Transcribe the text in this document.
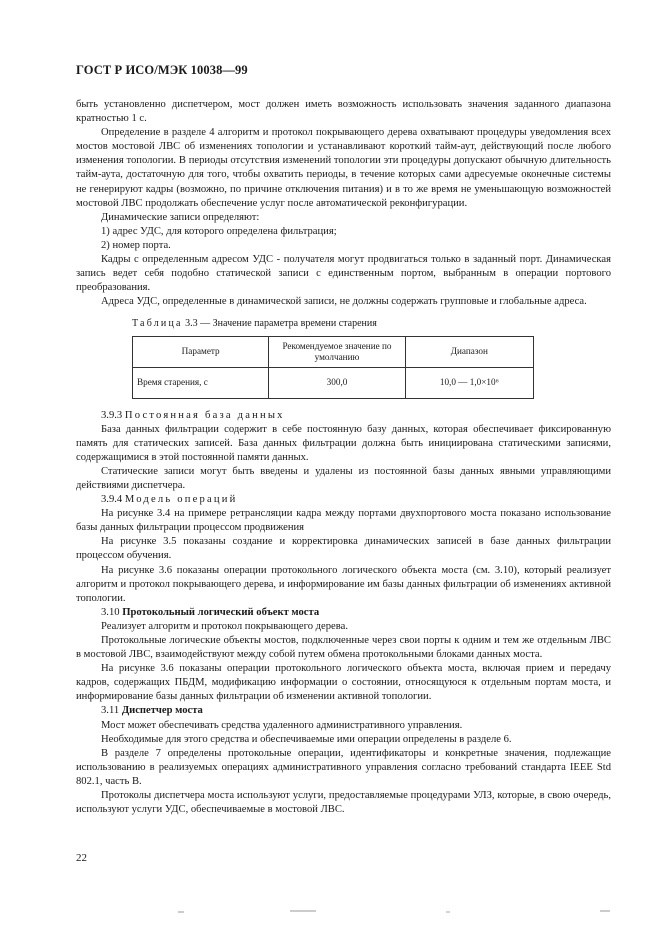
ГОСТ Р ИСО/МЭК 10038—99

быть установленно диспетчером, мост должен иметь возможность использовать значения заданного диапазона кратностью 1 с.

Определение в разделе 4 алгоритм и протокол покрывающего дерева охватывают процедуры уведомления всех мостов мостовой ЛВС об изменениях топологии и устанавливают короткий тайм-аут, действующий после любого изменения топологии. В периоды отсутствия изменений топологии эти процедуры допускают обычную длительность тайм-аута, достаточную для того, чтобы охватить периоды, в течение которых сами адресуемые оконечные системы не генерируют кадры (возможно, по причине отключения питания) и в то же время не уменьшающую возможностей мостовой ЛВС продолжать обеспечение услуг после автоматической реконфигурации.

Динамические записи определяют:

1) адрес УДС, для которого определена фильтрация;

2) номер порта.

Кадры с определенным адресом УДС - получателя могут продвигаться только в заданный порт. Динамическая запись ведет себя подобно статической записи с единственным портом, выбранным в операции портового преобразования.

Адреса УДС, определенные в динамической записи, не должны содержать групповые и глобальные адреса.

Таблица 3.3 — Значение параметра времени старения
Параметр	Рекомендуемое значение по умолчанию	Диапазон
Время старения, с	300,0	10,0 — 1,0×10⁶

3.9.3 Постоянная база данных

База данных фильтрации содержит в себе постоянную базу данных, которая обеспечивает фиксированную память для статических записей. База данных фильтрации должна быть инициирована статическими записями, содержащимися в этой постоянной памяти данных.

Статические записи могут быть введены и удалены из постоянной базы данных явными управляющими действиями диспетчера.

3.9.4 Модель операций

На рисунке 3.4 на примере ретрансляции кадра между портами двухпортового моста показано использование базы данных фильтрации процессом продвижения

На рисунке 3.5 показаны создание и корректировка динамических записей в базе данных фильтрации процессом обучения.

На рисунке 3.6 показаны операции протокольного логического объекта моста (см. 3.10), который реализует алгоритм и протокол покрывающего дерева, и информирование им базы данных фильтрации об изменениях активной топологии.

3.10 Протокольный логический объект моста

Реализует алгоритм и протокол покрывающего дерева.

Протокольные логические объекты мостов, подключенные через свои порты к одним и тем же отдельным ЛВС в мостовой ЛВС, взаимодействуют между собой путем обмена протокольными блоками данных моста.

На рисунке 3.6 показаны операции протокольного логического объекта моста, включая прием и передачу кадров, содержащих ПБДМ, модификацию информации о состоянии, относящуюся к отдельным портам моста, и информирование базы данных фильтрации об изменении активной топологии.

3.11 Диспетчер моста

Мост может обеспечивать средства удаленного административного управления.

Необходимые для этого средства и обеспечиваемые ими операции определены в разделе 6.

В разделе 7 определены протокольные операции, идентификаторы и конкретные значения, подлежащие использованию в реализуемых операциях административного управления согласно требований стандарта IEEE Std 802.1, часть B.

Протоколы диспетчера моста используют услуги, предоставляемые процедурами УЛЗ, которые, в свою очередь, используют услуги УДС, обеспечиваемые в мостовой ЛВС.

22
